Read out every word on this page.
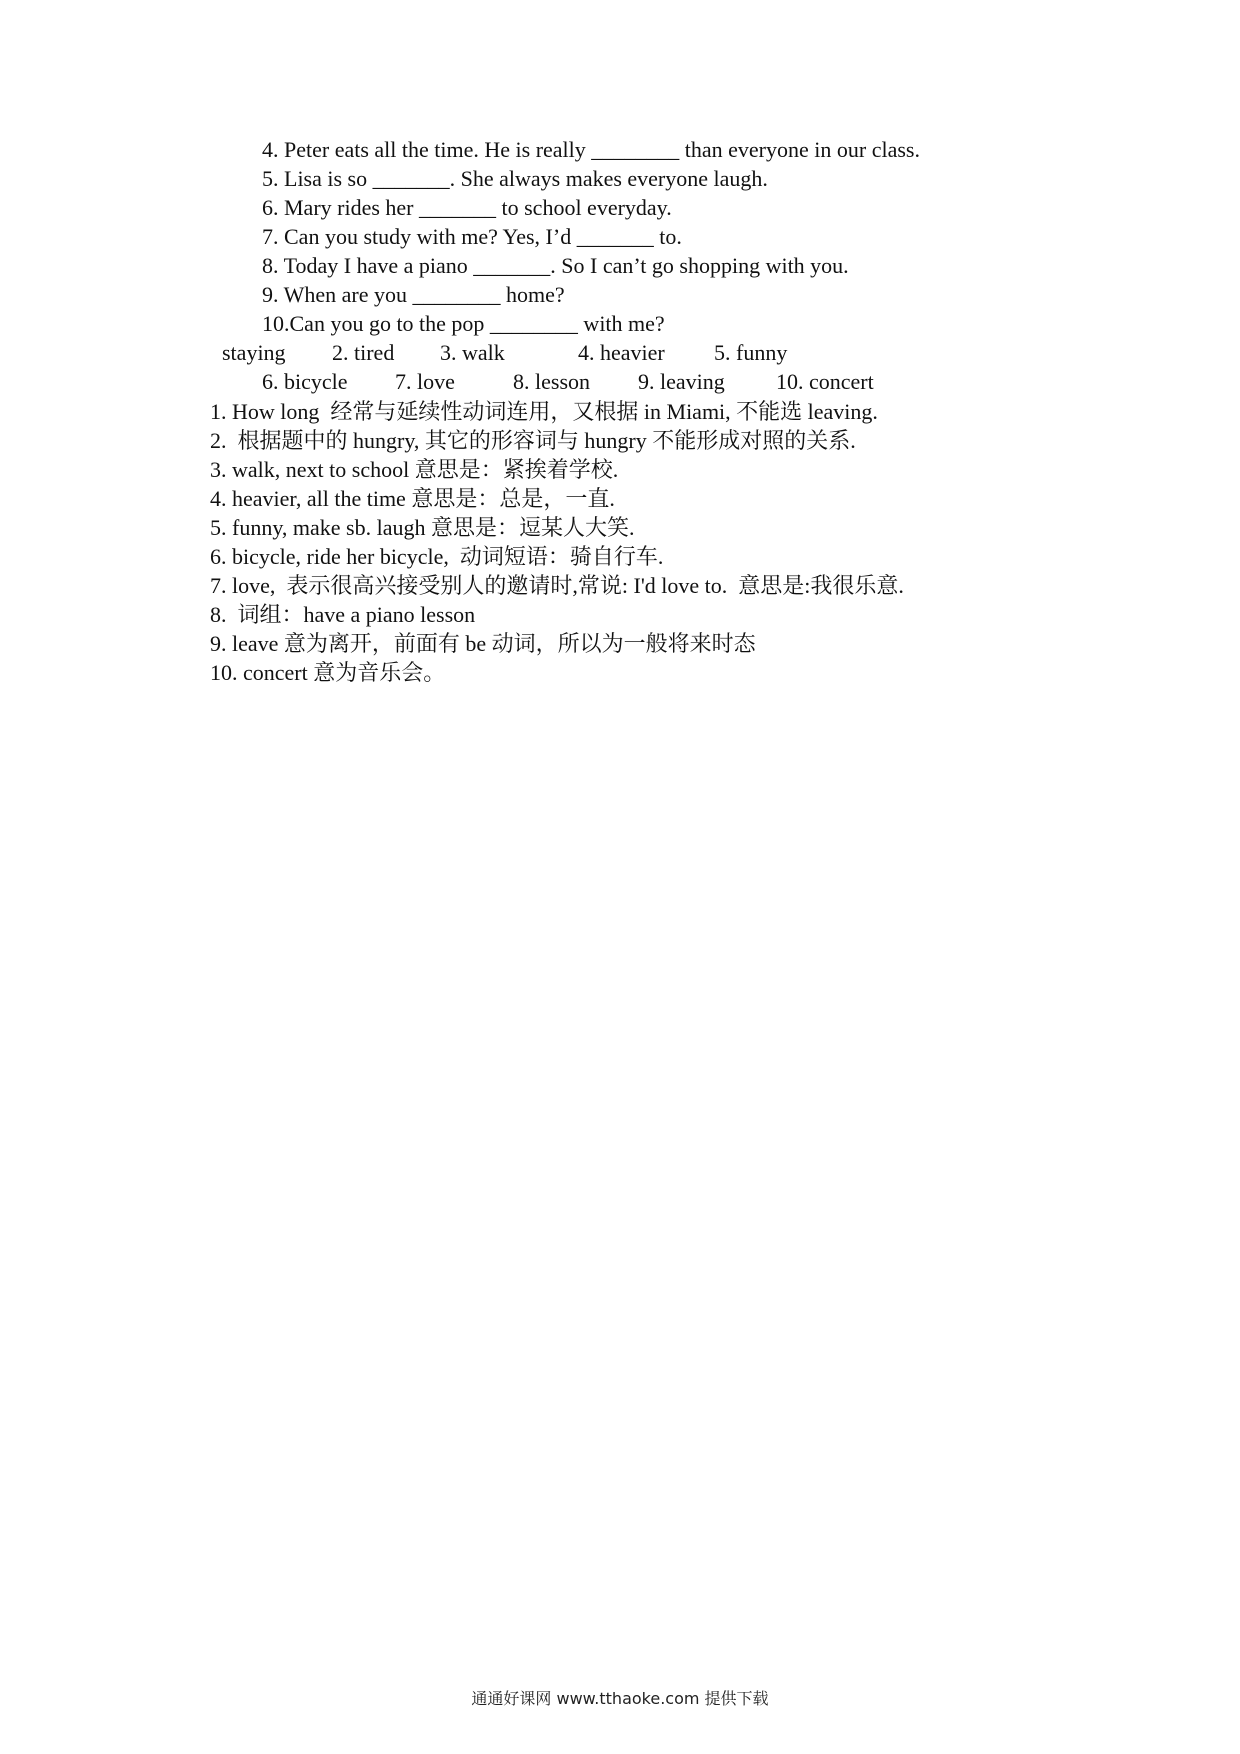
4. Peter eats all the time. He is really ________ than everyone in our class.
5. Lisa is so _______. She always makes everyone laugh.
6. Mary rides her _______ to school everyday.
7. Can you study with me? Yes, I’d _______ to.
8. Today I have a piano _______. So I can’t go shopping with you.
9. When are you ________ home?
10.Can you go to the pop ________ with me?
staying 2. tired 3. walk	4. heavier 5. funny
6. bicycle 7. love	8. lesson 9. leaving 10. concert
1. How long  经常与延续性动词连用，又根据 in Miami, 不能选 leaving.
2.  根据题中的 hungry, 其它的形容词与 hungry 不能形成对照的关系.
3. walk, next to school 意思是：紧挨着学校.
4. heavier, all the time 意思是：总是，一直.
5. funny, make sb. laugh 意思是：逗某人大笑.
6. bicycle, ride her bicycle,  动词短语：骑自行车.
7. love,  表示很高兴接受别人的邀请时,常说: I'd love to.  意思是:我很乐意.
8.  词组：have a piano lesson
9. leave 意为离开，前面有 be 动词，所以为一般将来时态
10. concert 意为音乐会。
通通好课网 www.tthaoke.com 提供下载
